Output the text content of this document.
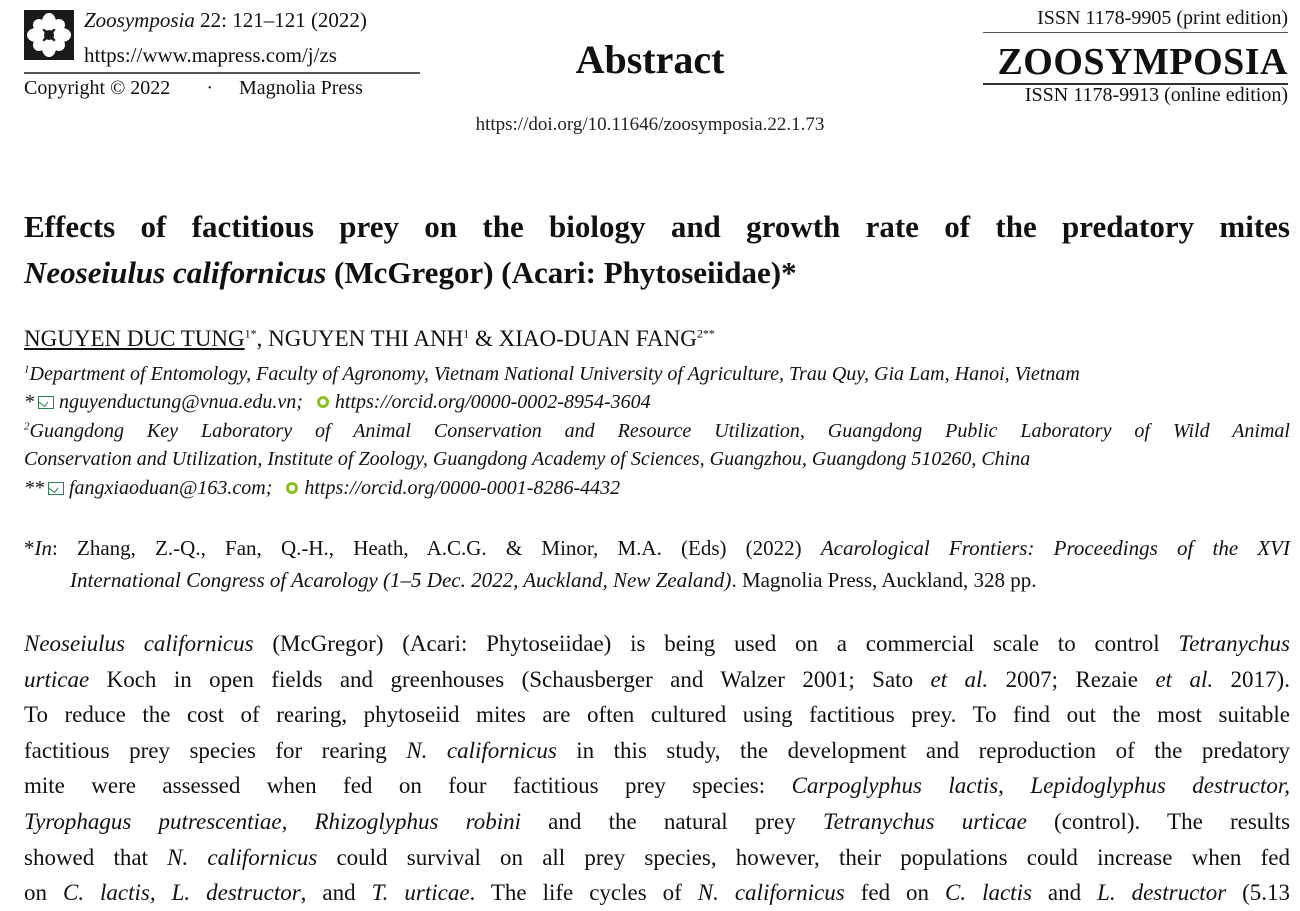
Zoosymposia 22: 121–121 (2022)
https://www.mapress.com/j/zs
Copyright © 2022 · Magnolia Press
Abstract
https://doi.org/10.11646/zoosymposia.22.1.73
ISSN 1178-9905 (print edition)
ZOOSYMPOSIA
ISSN 1178-9913 (online edition)
Effects of factitious prey on the biology and growth rate of the predatory mites
Neoseiulus californicus (McGregor) (Acari: Phytoseiidae)*
NGUYEN DUC $TUNG^{1*}$, NGUYEN THI ANH$^1$ & XIAO-DUAN $FANG^{2**}$
$^1$Department of Entomology, Faculty of Agronomy, Vietnam National University of Agriculture, Trau Quy, Gia Lam, Hanoi, Vietnam
* nguyenductung@vnua.edu.vn; https://orcid.org/0000-0002-8954-3604
$^2$Guangdong Key Laboratory of Animal Conservation and Resource Utilization, Guangdong Public Laboratory of Wild Animal
Conservation and Utilization, Institute of Zoology, Guangdong Academy of Sciences, Guangzhou, Guangdong 510260, China
** fangxiaoduan@163.com; https://orcid.org/0000-0001-8286-4432
*In: Zhang, Z.-Q., Fan, Q.-H., Heath, A.C.G. & Minor, M.A. (Eds) (2022) Acarological Frontiers: Proceedings of the XVI
International Congress of Acarology (1–5 Dec. 2022, Auckland, New Zealand). Magnolia Press, Auckland, 328 pp.
Neoseiulus californicus (McGregor) (Acari: Phytoseiidae) is being used on a commercial scale to control Tetranychus
urticae Koch in open fields and greenhouses (Schausberger and Walzer 2001; Sato et al. 2007; Rezaie et al. 2017).
To reduce the cost of rearing, phytoseiid mites are often cultured using factitious prey. To find out the most suitable
factitious prey species for rearing N. californicus in this study, the development and reproduction of the predatory
mite were assessed when fed on four factitious prey species: Carpoglyphus lactis, Lepidoglyphus destructor,
Tyrophagus putrescentiae, Rhizoglyphus robini and the natural prey Tetranychus urticae (control). The results
showed that N. californicus could survival on all prey species, however, their populations could increase when fed
on C. lactis, L. destructor, and T. urticae. The life cycles of N. californicus fed on C. lactis and L. destructor (5.13
